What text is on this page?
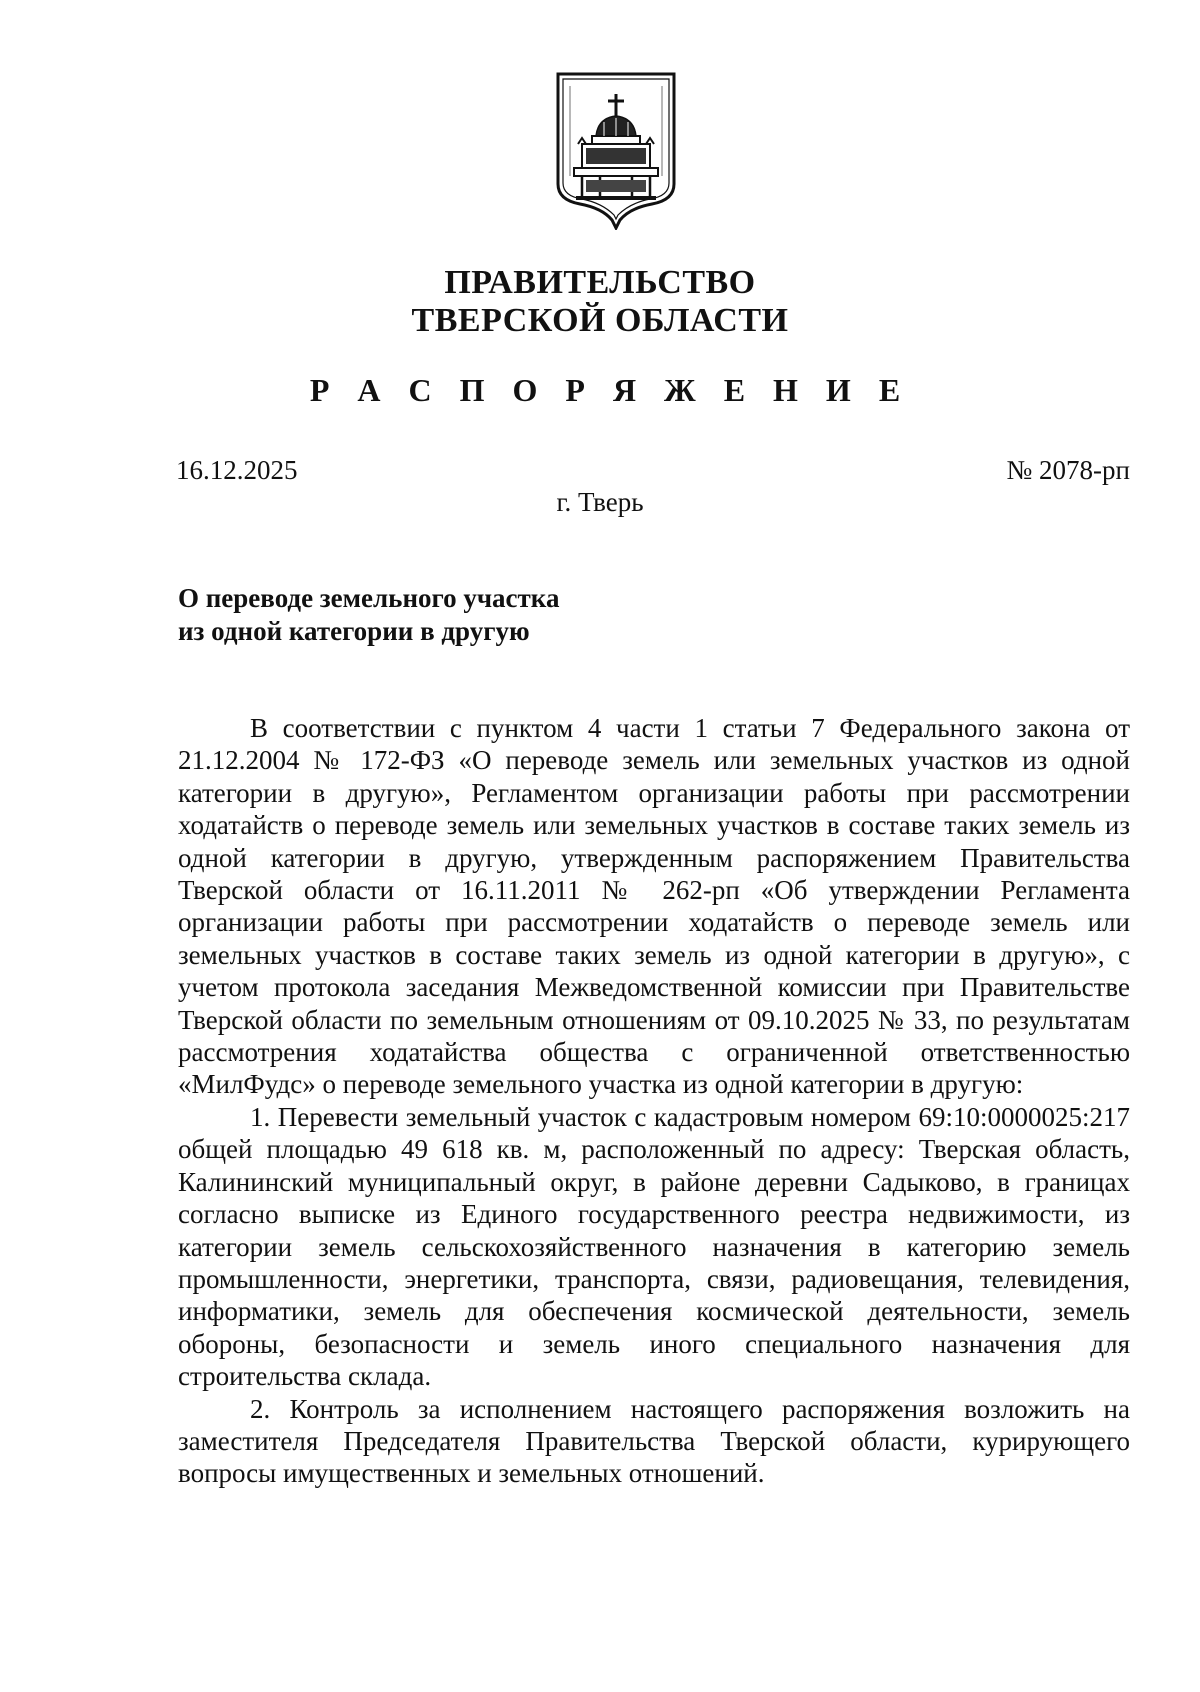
ПРАВИТЕЛЬСТВО
ТВЕРСКОЙ ОБЛАСТИ
Р А С П О Р Я Ж Е Н И Е
16.12.2025	№ 2078-рп
г. Тверь
О переводе земельного участка
из одной категории в другую

В соответствии с пунктом 4 части 1 статьи 7 Федерального закона от 21.12.2004 № 172-ФЗ «О переводе земель или земельных участков из одной категории в другую», Регламентом организации работы при рассмотрении ходатайств о переводе земель или земельных участков в составе таких земель из одной категории в другую, утвержденным распоряжением Правительства Тверской области от 16.11.2011 № 262-рп «Об утверждении Регламента организации работы при рассмотрении ходатайств о переводе земель или земельных участков в составе таких земель из одной категории в другую», с учетом протокола заседания Межведомственной комиссии при Правительстве Тверской области по земельным отношениям от 09.10.2025 № 33, по результатам рассмотрения ходатайства общества с ограниченной ответственностью «МилФудс» о переводе земельного участка из одной категории в другую:

1. Перевести земельный участок с кадастровым номером 69:10:0000025:217 общей площадью 49 618 кв. м, расположенный по адресу: Тверская область, Калининский муниципальный округ, в районе деревни Садыково, в границах согласно выписке из Единого государственного реестра недвижимости, из категории земель сельскохозяйственного назначения в категорию земель промышленности, энергетики, транспорта, связи, радиовещания, телевидения, информатики, земель для обеспечения космической деятельности, земель обороны, безопасности и земель иного специального назначения для строительства склада.

2. Контроль за исполнением настоящего распоряжения возложить на заместителя Председателя Правительства Тверской области, курирующего вопросы имущественных и земельных отношений.
